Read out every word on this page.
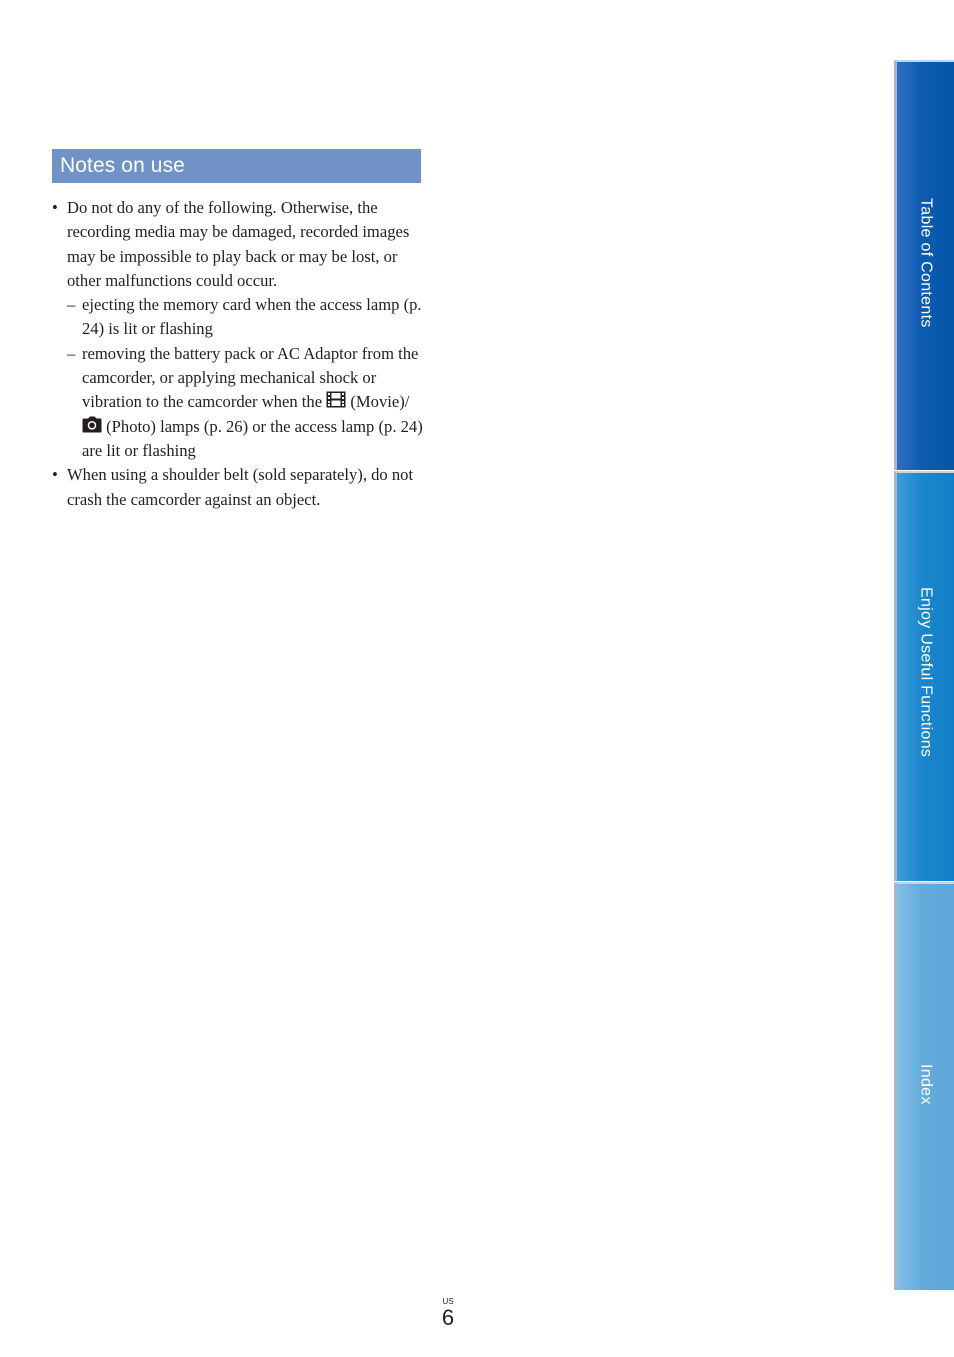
Notes on use
• Do not do any of the following. Otherwise, the recording media may be damaged, recorded images may be impossible to play back or may be lost, or other malfunctions could occur.
– ejecting the memory card when the access lamp (p. 24) is lit or flashing
– removing the battery pack or AC Adaptor from the camcorder, or applying mechanical shock or vibration to the camcorder when the (Movie)/
(Photo) lamps (p. 26) or the access lamp (p. 24) are lit or flashing
• When using a shoulder belt (sold separately), do not crash the camcorder against an object.
Table of Contents
Enjoy Useful Functions
Index
US
6
